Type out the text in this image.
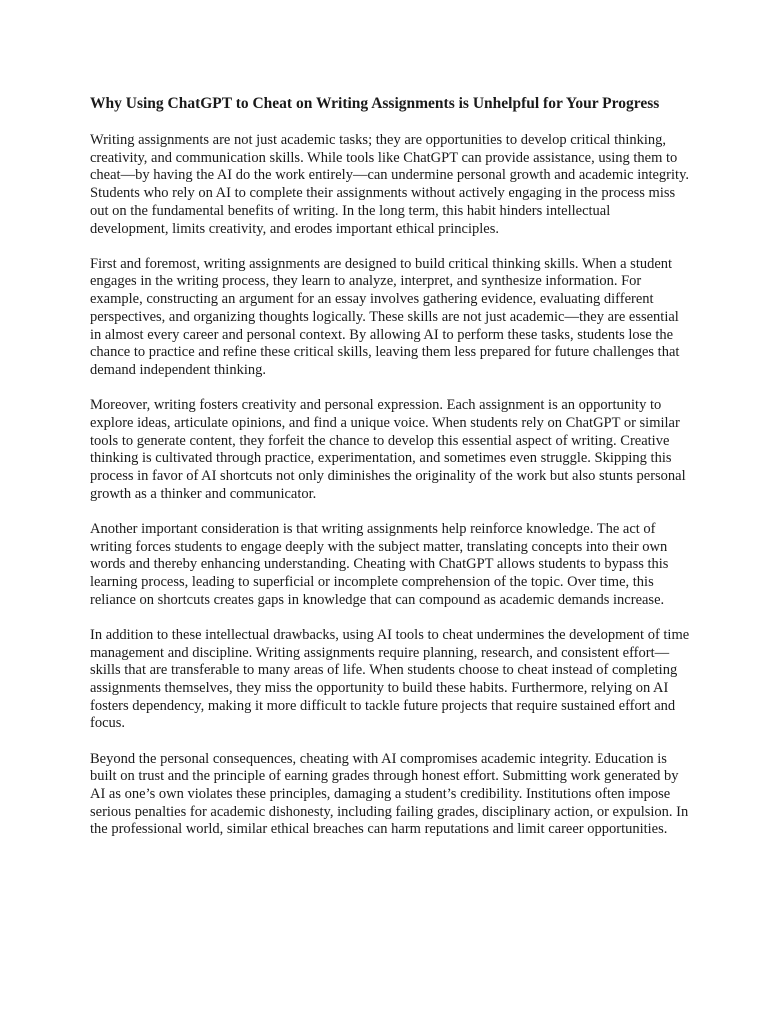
Why Using ChatGPT to Cheat on Writing Assignments is Unhelpful for Your Progress

Writing assignments are not just academic tasks; they are opportunities to develop critical thinking, creativity, and communication skills. While tools like ChatGPT can provide assistance, using them to cheat—by having the AI do the work entirely—can undermine personal growth and academic integrity. Students who rely on AI to complete their assignments without actively engaging in the process miss out on the fundamental benefits of writing. In the long term, this habit hinders intellectual development, limits creativity, and erodes important ethical principles.

First and foremost, writing assignments are designed to build critical thinking skills. When a student engages in the writing process, they learn to analyze, interpret, and synthesize information. For example, constructing an argument for an essay involves gathering evidence, evaluating different perspectives, and organizing thoughts logically. These skills are not just academic—they are essential in almost every career and personal context. By allowing AI to perform these tasks, students lose the chance to practice and refine these critical skills, leaving them less prepared for future challenges that demand independent thinking.

Moreover, writing fosters creativity and personal expression. Each assignment is an opportunity to explore ideas, articulate opinions, and find a unique voice. When students rely on ChatGPT or similar tools to generate content, they forfeit the chance to develop this essential aspect of writing. Creative thinking is cultivated through practice, experimentation, and sometimes even struggle. Skipping this process in favor of AI shortcuts not only diminishes the originality of the work but also stunts personal growth as a thinker and communicator.

Another important consideration is that writing assignments help reinforce knowledge. The act of writing forces students to engage deeply with the subject matter, translating concepts into their own words and thereby enhancing understanding. Cheating with ChatGPT allows students to bypass this learning process, leading to superficial or incomplete comprehension of the topic. Over time, this reliance on shortcuts creates gaps in knowledge that can compound as academic demands increase.

In addition to these intellectual drawbacks, using AI tools to cheat undermines the development of time management and discipline. Writing assignments require planning, research, and consistent effort—skills that are transferable to many areas of life. When students choose to cheat instead of completing assignments themselves, they miss the opportunity to build these habits. Furthermore, relying on AI fosters dependency, making it more difficult to tackle future projects that require sustained effort and focus.

Beyond the personal consequences, cheating with AI compromises academic integrity. Education is built on trust and the principle of earning grades through honest effort. Submitting work generated by AI as one’s own violates these principles, damaging a student’s credibility. Institutions often impose serious penalties for academic dishonesty, including failing grades, disciplinary action, or expulsion. In the professional world, similar ethical breaches can harm reputations and limit career opportunities.
